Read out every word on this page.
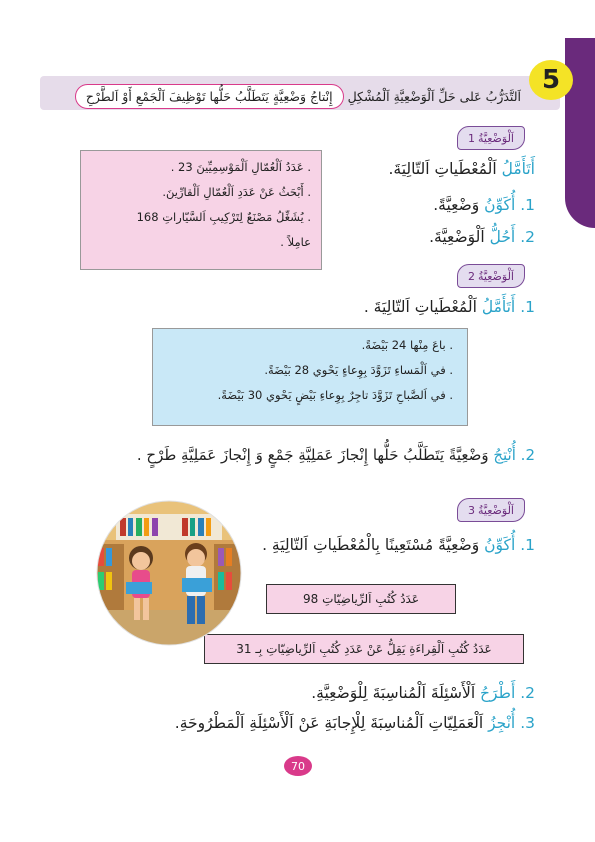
5
اَلتَّدَرُّبُ عَلى حَلِّ اَلْوَضْعِيَّةِ اَلْمُشْكِلِ
إِنْتاجُ وَضْعِيَّةٍ يَتَطَلَّبُ حَلُّها تَوْظِيفَ اَلْجَمْعِ أَوْ اَلطَّرْحِ
اَلْوَضْعِيَّةُ
1
أَتَأَمَّلُ اَلْمُعْطَياتِ اَلتّالِيَةَ.
1. أُكَوِّنُ وَضْعِيَّةً.
2. أَحُلُّ اَلْوَضْعِيَّةَ.
. عَدَدُ اَلْعُمّالِ اَلْمَوْسِمِيِّينَ 23 .
. أَبْحَثُ عَنْ عَدَدِ اَلْعُمّالِ اَلْقارِّينَ.
. يُشَغِّلُ مَصْنَعٌ لِتَرْكِيبِ اَلسَّيّاراتِ 168
عامِلاً .
اَلْوَضْعِيَّةُ
2
1. أَتَأَمَّلُ اَلْمُعْطَياتِ اَلتّالِيَةَ .
. باعَ مِنْها 24 بَيْضَةً.
. في اَلْمَساءِ تَزَوَّدَ بِوِعاءٍ يَحْوي 28 بَيْضَةً.
. في اَلصَّباحِ تَزَوَّدَ تاجِرٌ بِوِعاءِ بَيْضٍ يَحْوي 30 بَيْضَةً.
2. أُنْتِجُ وَضْعِيَّةً يَتَطَلَّبُ حَلُّها إِنْجازَ عَمَلِيَّةِ جَمْعٍ وَ إِنْجازَ عَمَلِيَّةِ طَرْحٍ .
اَلْوَضْعِيَّةُ
3
1. أُكَوِّنُ وَضْعِيَّةً مُسْتَعِينًا بِالْمُعْطَياتِ اَلتّالِيَةِ .
عَدَدُ كُتُبِ اَلرِّياضِيّاتِ 98
عَدَدُ كُتُبِ اَلْقِراءَةِ يَقِلُّ عَنْ عَدَدِ كُتُبِ اَلرِّياضِيّاتِ بِـ 31
2. أَطْرَحُ اَلْأَسْئِلَةَ اَلْمُناسِبَةَ لِلْوَضْعِيَّةِ.
3. أُنْجِزُ اَلْعَمَلِيّاتِ اَلْمُناسِبَةَ لِلْإِجابَةِ عَنْ اَلْأَسْئِلَةِ اَلْمَطْرُوحَةِ.
70
